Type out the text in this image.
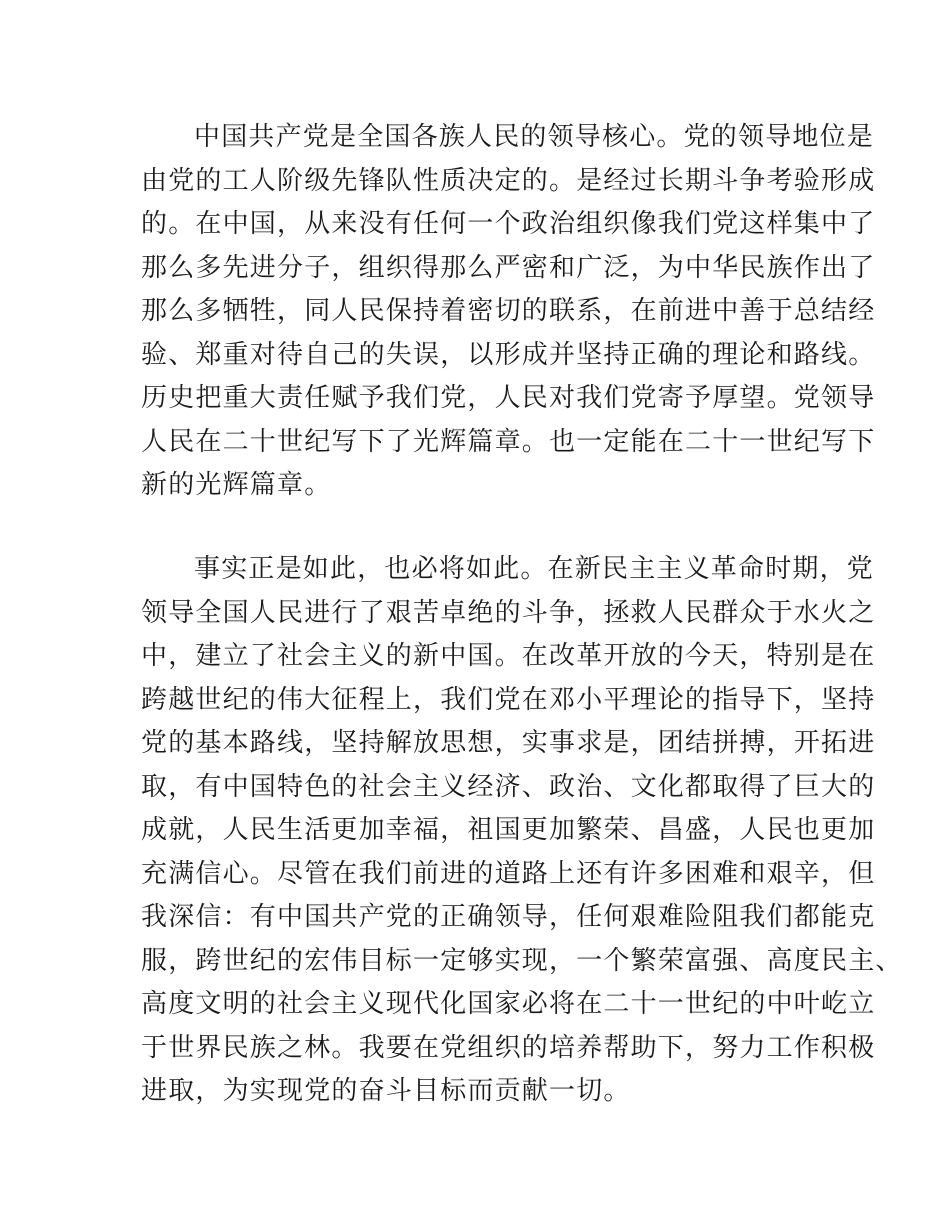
中国共产党是全国各族人民的领导核心。党的领导地位是
由党的工人阶级先锋队性质决定的。是经过长期斗争考验形成
的。在中国，从来没有任何一个政治组织像我们党这样集中了
那么多先进分子，组织得那么严密和广泛，为中华民族作出了
那么多牺牲，同人民保持着密切的联系，在前进中善于总结经
验、郑重对待自己的失误，以形成并坚持正确的理论和路线。
历史把重大责任赋予我们党，人民对我们党寄予厚望。党领导
人民在二十世纪写下了光辉篇章。也一定能在二十一世纪写下
新的光辉篇章。
事实正是如此，也必将如此。在新民主主义革命时期，党
领导全国人民进行了艰苦卓绝的斗争，拯救人民群众于水火之
中，建立了社会主义的新中国。在改革开放的今天，特别是在
跨越世纪的伟大征程上，我们党在邓小平理论的指导下，坚持
党的基本路线，坚持解放思想，实事求是，团结拼搏，开拓进
取，有中国特色的社会主义经济、政治、文化都取得了巨大的
成就，人民生活更加幸福，祖国更加繁荣、昌盛，人民也更加
充满信心。尽管在我们前进的道路上还有许多困难和艰辛，但
我深信：有中国共产党的正确领导，任何艰难险阻我们都能克
服，跨世纪的宏伟目标一定够实现，一个繁荣富强、高度民主、
高度文明的社会主义现代化国家必将在二十一世纪的中叶屹立
于世界民族之林。我要在党组织的培养帮助下，努力工作积极
进取，为实现党的奋斗目标而贡献一切。
